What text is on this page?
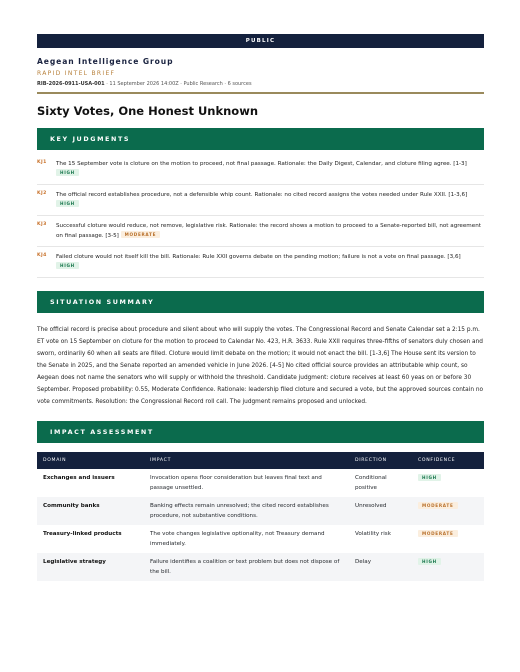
PUBLIC
Aegean Intelligence Group
RAPID INTEL BRIEF
RIB-2026-0911-USA-001 · 11 September 2026 14:00Z · Public Research · 6 sources
Sixty Votes, One Honest Unknown
KEY JUDGMENTS
KJ1	The 15 September vote is cloture on the motion to proceed, not final passage. Rationale: the Daily Digest, Calendar, and cloture filing agree. [1-3] HIGH
KJ2	The official record establishes procedure, not a defensible whip count. Rationale: no cited record assigns the votes needed under Rule XXII. [1-3,6] HIGH
KJ3	Successful cloture would reduce, not remove, legislative risk. Rationale: the record shows a motion to proceed to a Senate-reported bill, not agreement on final passage. [3-5] MODERATE
KJ4	Failed cloture would not itself kill the bill. Rationale: Rule XXII governs debate on the pending motion; failure is not a vote on final passage. [3,6] HIGH
SITUATION SUMMARY

The official record is precise about procedure and silent about who will supply the votes. The Congressional Record and Senate Calendar set a 2:15 p.m. ET vote on 15 September on cloture for the motion to proceed to Calendar No. 423, H.R. 3633. Rule XXII requires three-fifths of senators duly chosen and sworn, ordinarily 60 when all seats are filled. Cloture would limit debate on the motion; it would not enact the bill. [1-3,6] The House sent its version to the Senate in 2025, and the Senate reported an amended vehicle in June 2026. [4-5] No cited official source provides an attributable whip count, so Aegean does not name the senators who will supply or withhold the threshold. Candidate judgment: cloture receives at least 60 yeas on or before 30 September. Proposed probability: 0.55, Moderate Confidence. Rationale: leadership filed cloture and secured a vote, but the approved sources contain no vote commitments. Resolution: the Congressional Record roll call. The judgment remains proposed and unlocked.

IMPACT ASSESSMENT
DOMAIN	IMPACT	DIRECTION	CONFIDENCE
Exchanges and issuers	Invocation opens floor consideration but leaves final text and passage unsettled.	Conditional positive	HIGH
Community banks	Banking effects remain unresolved; the cited record establishes procedure, not substantive conditions.	Unresolved	MODERATE
Treasury-linked products	The vote changes legislative optionality, not Treasury demand immediately.	Volatility risk	MODERATE
Legislative strategy	Failure identifies a coalition or text problem but does not dispose of the bill.	Delay	HIGH
